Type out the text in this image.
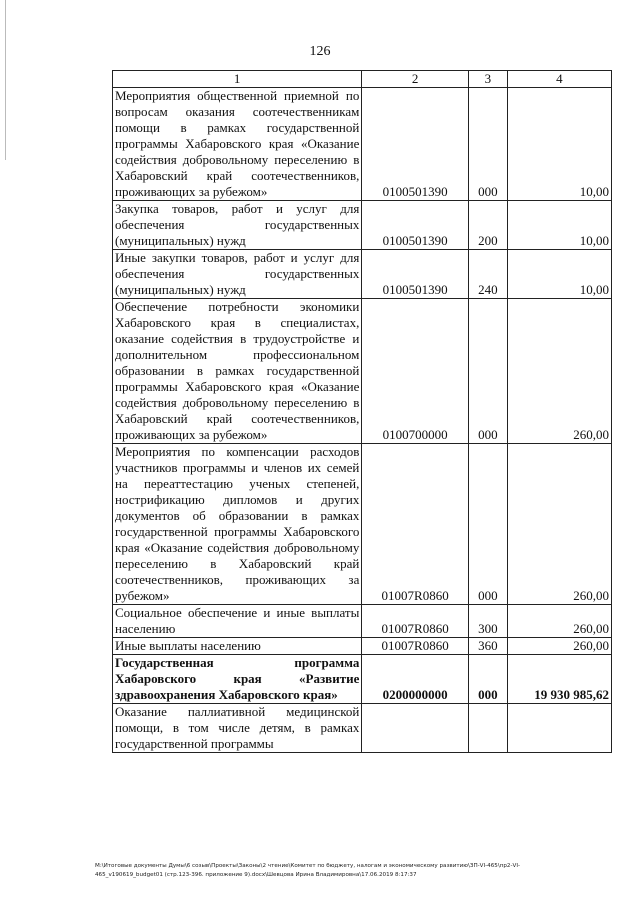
126
1	2	3	4
Мероприятия общественной приемной по вопросам оказания соотечественникам помощи в рамках государственной программы Хабаровского края «Оказание содействия добровольному переселению в Хабаровский край соотечественников, проживающих за рубежом»	0100501390	000	10,00
Закупка товаров, работ и услуг для обеспечения государственных (муниципальных) нужд	0100501390	200	10,00
Иные закупки товаров, работ и услуг для обеспечения государственных (муниципальных) нужд	0100501390	240	10,00
Обеспечение потребности экономики Хабаровского края в специалистах, оказание содействия в трудоустройстве и дополнительном профессиональном образовании в рамках государственной программы Хабаровского края «Оказание содействия добровольному переселению в Хабаровский край соотечественников, проживающих за рубежом»	0100700000	000	260,00
Мероприятия по компенсации расходов участников программы и членов их семей на переаттестацию ученых степеней, нострификацию дипломов и других документов об образовании в рамках государственной программы Хабаровского края «Оказание содействия добровольному переселению в Хабаровский край соотечественников, проживающих за рубежом»	01007R0860	000	260,00
Социальное обеспечение и иные выплаты населению	01007R0860	300	260,00
Иные выплаты населению	01007R0860	360	260,00
Государственная программа Хабаровского края «Развитие здравоохранения Хабаровского края»	0200000000	000	19 930 985,62
Оказание паллиативной медицинской помощи, в том числе детям, в рамках государственной программы			
M:\Итоговые документы Думы\6 созыв\Проекты\Законы\2 чтение\Комитет по бюджету, налогам и экономическому развитию\ЗП-VI-465\пр2-VI-
465_v190619_budget01 (стр.123-396. приложение 9).docx\Шевцова Ирина Владимировна\17.06.2019 8:17:37
